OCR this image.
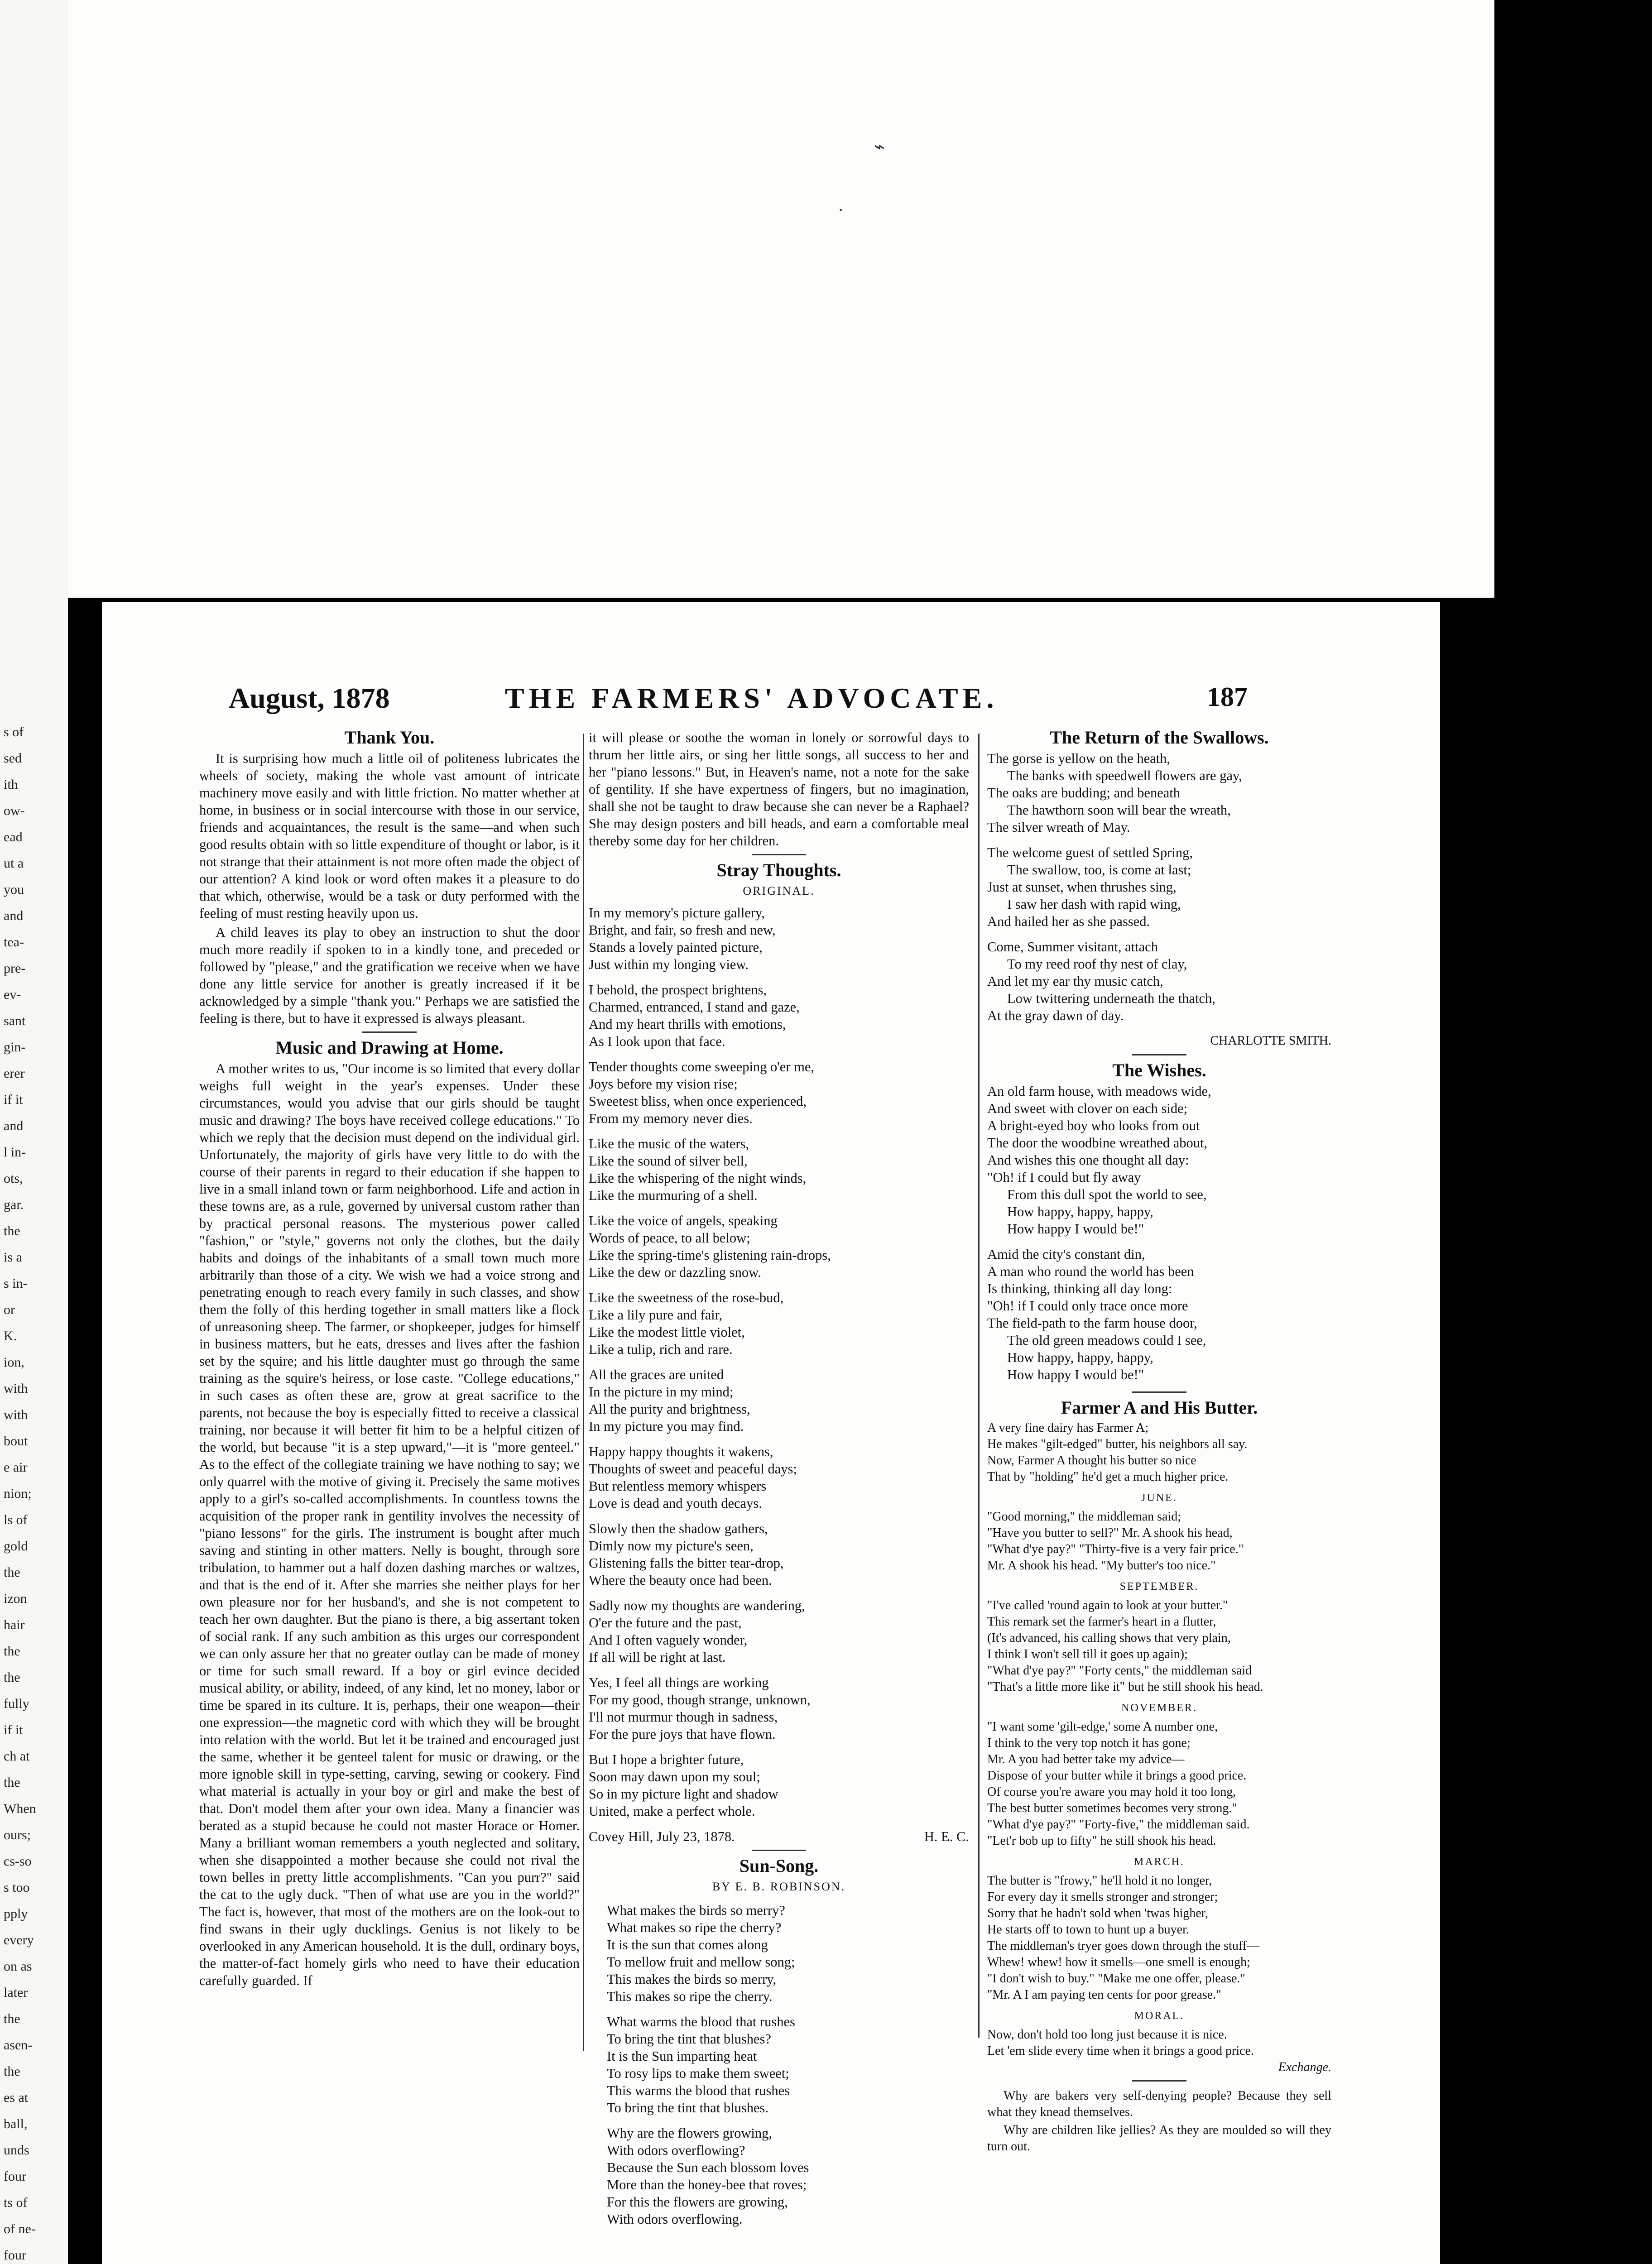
s of
sed
ith
ow-
ead
ut a
you
and
tea-
pre-
ev-
sant
gin-
erer
if it
and
l in-
ots,
gar.
the
is a
s in-
or
K.
ion,
with
with
bout
e air
nion;
ls of
gold
the
izon
hair
the
the
fully
if it
ch at
the
When
ours;
cs-so
s too
pply
every
on as
later
the
asen-
the
es at
ball,
unds
four
ts of
of ne-
four
⌁
·
August, 1878	THE FARMERS' ADVOCATE.	187
Thank You.

It is surprising how much a little oil of politeness lubricates the wheels of society, making the whole vast amount of intricate machinery move easily and with little friction. No matter whether at home, in business or in social intercourse with those in our service, friends and acquaintances, the result is the same—and when such good results obtain with so little expenditure of thought or labor, is it not strange that their attainment is not more often made the object of our attention? A kind look or word often makes it a pleasure to do that which, otherwise, would be a task or duty performed with the feeling of must resting heavily upon us.

A child leaves its play to obey an instruction to shut the door much more readily if spoken to in a kindly tone, and preceded or followed by "please," and the gratification we receive when we have done any little service for another is greatly increased if it be acknowledged by a simple "thank you." Perhaps we are satisfied the feeling is there, but to have it expressed is always pleasant.

Music and Drawing at Home.

A mother writes to us, "Our income is so limited that every dollar weighs full weight in the year's expenses. Under these circumstances, would you advise that our girls should be taught music and drawing? The boys have received college educations." To which we reply that the decision must depend on the individual girl. Unfortunately, the majority of girls have very little to do with the course of their parents in regard to their education if she happen to live in a small inland town or farm neighborhood. Life and action in these towns are, as a rule, governed by universal custom rather than by practical personal reasons. The mysterious power called "fashion," or "style," governs not only the clothes, but the daily habits and doings of the inhabitants of a small town much more arbitrarily than those of a city. We wish we had a voice strong and penetrating enough to reach every family in such classes, and show them the folly of this herding together in small matters like a flock of unreasoning sheep. The farmer, or shopkeeper, judges for himself in business matters, but he eats, dresses and lives after the fashion set by the squire; and his little daughter must go through the same training as the squire's heiress, or lose caste. "College educations," in such cases as often these are, grow at great sacrifice to the parents, not because the boy is especially fitted to receive a classical training, nor because it will better fit him to be a helpful citizen of the world, but because "it is a step upward,"—it is "more genteel." As to the effect of the collegiate training we have nothing to say; we only quarrel with the motive of giving it. Precisely the same motives apply to a girl's so-called accomplishments. In countless towns the acquisition of the proper rank in gentility involves the necessity of "piano lessons" for the girls. The instrument is bought after much saving and stinting in other matters. Nelly is bought, through sore tribulation, to hammer out a half dozen dashing marches or waltzes, and that is the end of it. After she marries she neither plays for her own pleasure nor for her husband's, and she is not competent to teach her own daughter. But the piano is there, a big assertant token of social rank. If any such ambition as this urges our correspondent we can only assure her that no greater outlay can be made of money or time for such small reward. If a boy or girl evince decided musical ability, or ability, indeed, of any kind, let no money, labor or time be spared in its culture. It is, perhaps, their one weapon—their one expression—the magnetic cord with which they will be brought into relation with the world. But let it be trained and encouraged just the same, whether it be genteel talent for music or drawing, or the more ignoble skill in type-setting, carving, sewing or cookery. Find what material is actually in your boy or girl and make the best of that. Don't model them after your own idea. Many a financier was berated as a stupid because he could not master Horace or Homer. Many a brilliant woman remembers a youth neglected and solitary, when she disappointed a mother because she could not rival the town belles in pretty little accomplishments. "Can you purr?" said the cat to the ugly duck. "Then of what use are you in the world?" The fact is, however, that most of the mothers are on the look-out to find swans in their ugly ducklings. Genius is not likely to be overlooked in any American household. It is the dull, ordinary boys, the matter-of-fact homely girls who need to have their education carefully guarded. If

it will please or soothe the woman in lonely or sorrowful days to thrum her little airs, or sing her little songs, all success to her and her "piano lessons." But, in Heaven's name, not a note for the sake of gentility. If she have expertness of fingers, but no imagination, shall she not be taught to draw because she can never be a Raphael? She may design posters and bill heads, and earn a comfortable meal thereby some day for her children.

Stray Thoughts.
ORIGINAL.
In my memory's picture gallery,
Bright, and fair, so fresh and new,
Stands a lovely painted picture,
Just within my longing view.
I behold, the prospect brightens,
Charmed, entranced, I stand and gaze,
And my heart thrills with emotions,
As I look upon that face.
Tender thoughts come sweeping o'er me,
Joys before my vision rise;
Sweetest bliss, when once experienced,
From my memory never dies.
Like the music of the waters,
Like the sound of silver bell,
Like the whispering of the night winds,
Like the murmuring of a shell.
Like the voice of angels, speaking
Words of peace, to all below;
Like the spring-time's glistening rain-drops,
Like the dew or dazzling snow.
Like the sweetness of the rose-bud,
Like a lily pure and fair,
Like the modest little violet,
Like a tulip, rich and rare.
All the graces are united
In the picture in my mind;
All the purity and brightness,
In my picture you may find.
Happy happy thoughts it wakens,
Thoughts of sweet and peaceful days;
But relentless memory whispers
Love is dead and youth decays.
Slowly then the shadow gathers,
Dimly now my picture's seen,
Glistening falls the bitter tear-drop,
Where the beauty once had been.
Sadly now my thoughts are wandering,
O'er the future and the past,
And I often vaguely wonder,
If all will be right at last.
Yes, I feel all things are working
For my good, though strange, unknown,
I'll not murmur though in sadness,
For the pure joys that have flown.
But I hope a brighter future,
Soon may dawn upon my soul;
So in my picture light and shadow
United, make a perfect whole.
Covey Hill, July 23, 1878.	H. E. C.
Sun-Song.
BY E. B. ROBINSON.
What makes the birds so merry?
What makes so ripe the cherry?
It is the sun that comes along
To mellow fruit and mellow song;
This makes the birds so merry,
This makes so ripe the cherry.
What warms the blood that rushes
To bring the tint that blushes?
It is the Sun imparting heat
To rosy lips to make them sweet;
This warms the blood that rushes
To bring the tint that blushes.
Why are the flowers growing,
With odors overflowing?
Because the Sun each blossom loves
More than the honey-bee that roves;
For this the flowers are growing,
With odors overflowing.
The Return of the Swallows.
The gorse is yellow on the heath,
The banks with speedwell flowers are gay,
The oaks are budding; and beneath
The hawthorn soon will bear the wreath,
The silver wreath of May.
The welcome guest of settled Spring,
The swallow, too, is come at last;
Just at sunset, when thrushes sing,
I saw her dash with rapid wing,
And hailed her as she passed.
Come, Summer visitant, attach
To my reed roof thy nest of clay,
And let my ear thy music catch,
Low twittering underneath the thatch,
At the gray dawn of day.
CHARLOTTE SMITH.
The Wishes.
An old farm house, with meadows wide,
And sweet with clover on each side;
A bright-eyed boy who looks from out
The door the woodbine wreathed about,
And wishes this one thought all day:
"Oh! if I could but fly away
From this dull spot the world to see,
How happy, happy, happy,
How happy I would be!"
Amid the city's constant din,
A man who round the world has been
Is thinking, thinking all day long:
"Oh! if I could only trace once more
The field-path to the farm house door,
The old green meadows could I see,
How happy, happy, happy,
How happy I would be!"
Farmer A and His Butter.
A very fine dairy has Farmer A;
He makes "gilt-edged" butter, his neighbors all say.
Now, Farmer A thought his butter so nice
That by "holding" he'd get a much higher price.
JUNE.
"Good morning," the middleman said;
"Have you butter to sell?" Mr. A shook his head,
"What d'ye pay?" "Thirty-five is a very fair price."
Mr. A shook his head. "My butter's too nice."
SEPTEMBER.
"I've called 'round again to look at your butter."
This remark set the farmer's heart in a flutter,
(It's advanced, his calling shows that very plain,
I think I won't sell till it goes up again);
"What d'ye pay?" "Forty cents," the middleman said
"That's a little more like it" but he still shook his head.
NOVEMBER.
"I want some 'gilt-edge,' some A number one,
I think to the very top notch it has gone;
Mr. A you had better take my advice—
Dispose of your butter while it brings a good price.
Of course you're aware you may hold it too long,
The best butter sometimes becomes very strong."
"What d'ye pay?" "Forty-five," the middleman said.
"Let'r bob up to fifty" he still shook his head.
MARCH.
The butter is "frowy," he'll hold it no longer,
For every day it smells stronger and stronger;
Sorry that he hadn't sold when 'twas higher,
He starts off to town to hunt up a buyer.
The middleman's tryer goes down through the stuff—
Whew! whew! how it smells—one smell is enough;
"I don't wish to buy." "Make me one offer, please."
"Mr. A I am paying ten cents for poor grease."
MORAL.
Now, don't hold too long just because it is nice.
Let 'em slide every time when it brings a good price.
Exchange.

Why are bakers very self-denying people? Because they sell what they knead themselves.

Why are children like jellies? As they are moulded so will they turn out.
